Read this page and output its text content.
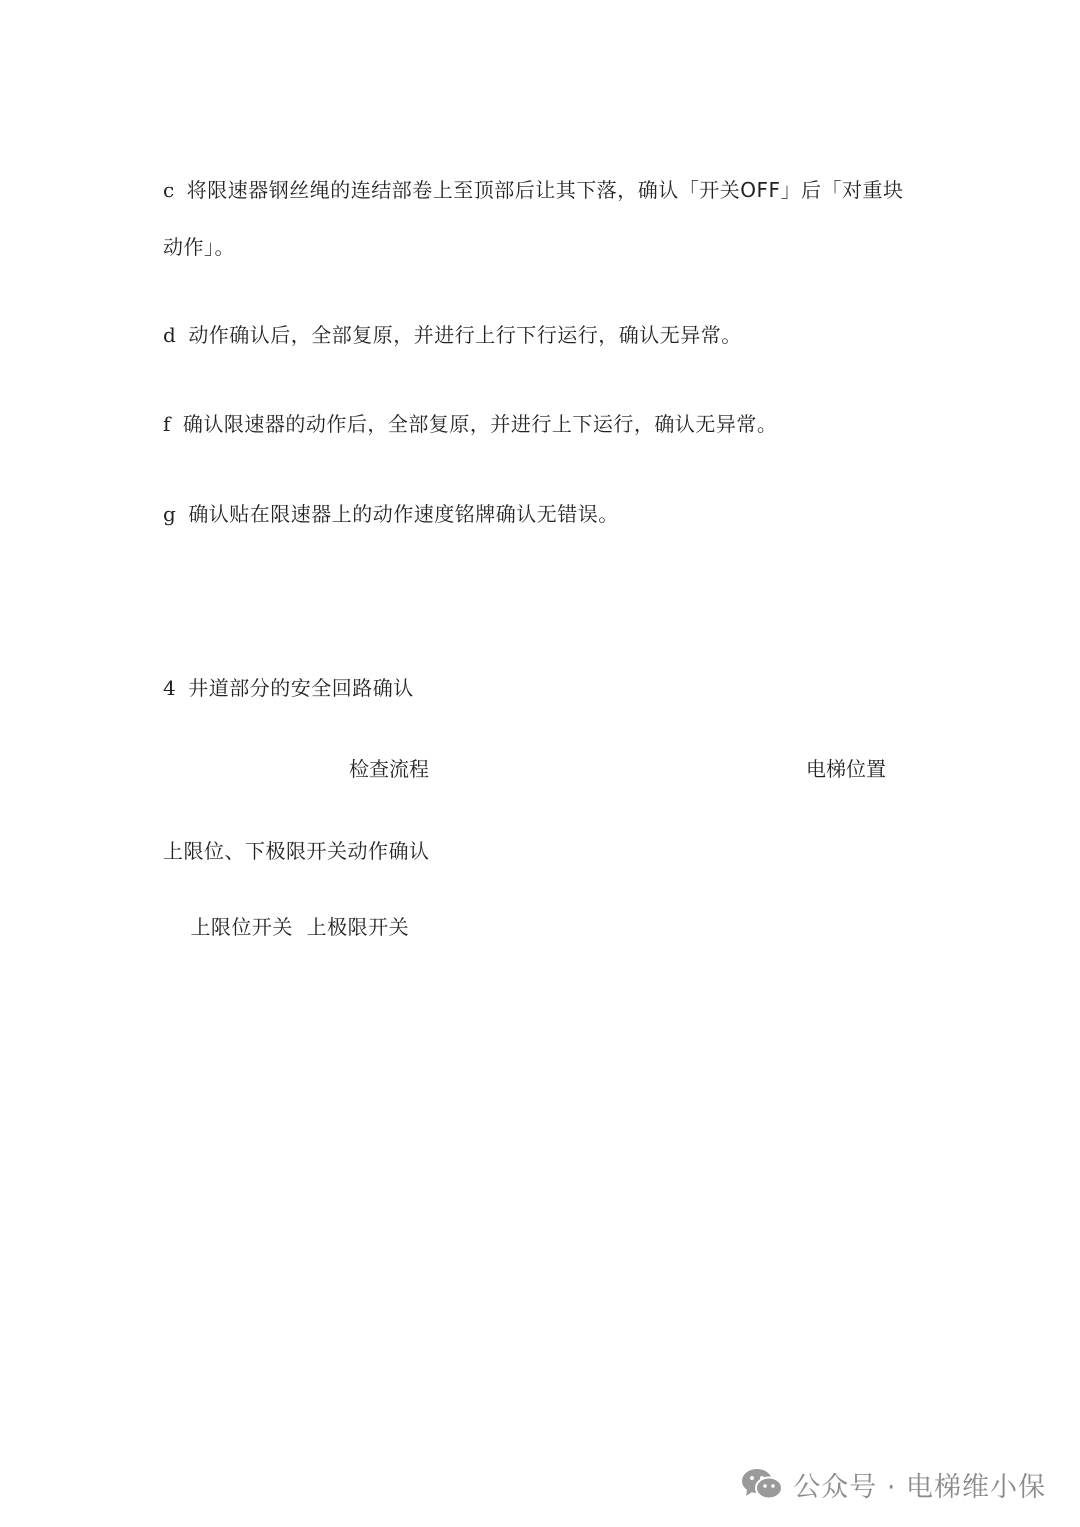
c 将限速器钢丝绳的连结部卷上至顶部后让其下落，确认「开关OFF」后「对重块
动作」。
d 动作确认后，全部复原，并进行上行下行运行，确认无异常。
f 确认限速器的动作后，全部复原，并进行上下运行，确认无异常。
g 确认贴在限速器上的动作速度铭牌确认无错误。
4 井道部分的安全回路确认
检查流程	电梯位置
上限位、下极限开关动作确认

上限位开关  上极限开关

公众号 · 电梯维小保
